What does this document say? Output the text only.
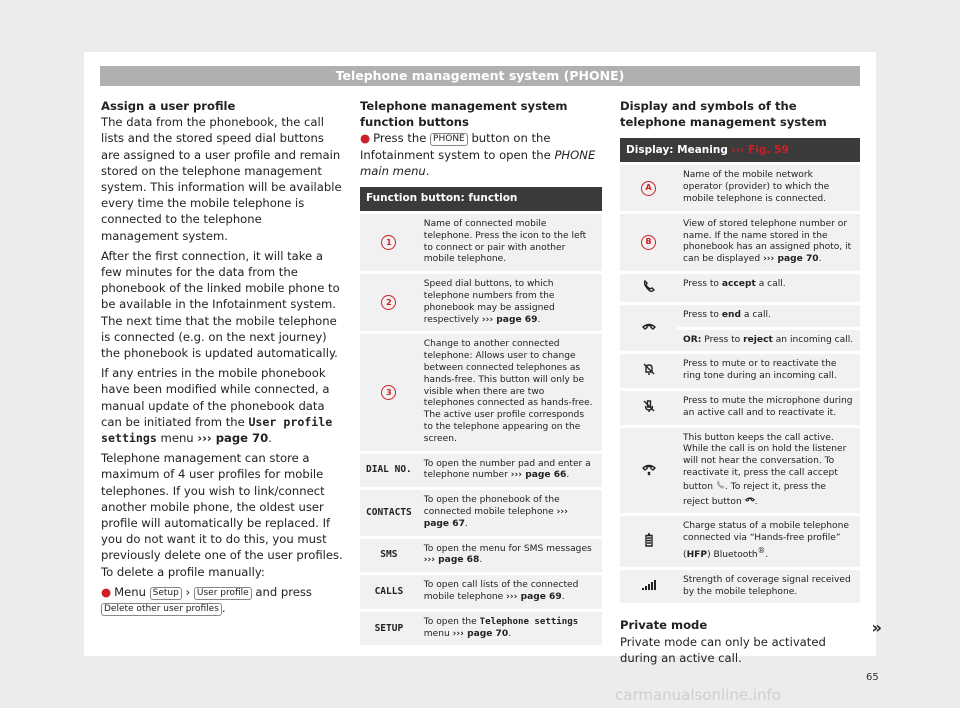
Telephone management system (PHONE)

Assign a user profile

The data from the phonebook, the call lists and the stored speed dial buttons are assigned to a user profile and remain stored on the telephone management system. This information will be available every time the mobile telephone is connected to the telephone management system.

After the first connection, it will take a few minutes for the data from the phonebook of the linked mobile phone to be available in the Infotainment system. The next time that the mobile telephone is connected (e.g. on the next journey) the phonebook is updated automatically.

If any entries in the mobile phonebook have been modified while connected, a manual update of the phonebook data can be initiated from the User profile settings menu ››› page 70.

Telephone management can store a maximum of 4 user profiles for mobile telephones. If you wish to link/connect another mobile phone, the oldest user profile will automatically be replaced. If you do not want it to do this, you must previously delete one of the user profiles. To delete a profile manually:

● Menu Setup › User profile and press Delete other user profiles .

Telephone management system function buttons

● Press the PHONE button on the Infotainment system to open the PHONE main menu.

Function button: function	
1	Name of connected mobile telephone. Press the icon to the left to connect or pair with another mobile telephone.
2	Speed dial buttons, to which telephone numbers from the phonebook may be assigned respectively ››› page 69.
3	Change to another connected telephone: Allows user to change between connected telephones as hands-free. This button will only be visible when there are two telephones connected as hands-free. The active user profile corresponds to the telephone appearing on the screen.
DIAL NO.	To open the number pad and enter a telephone number ››› page 66.
CONTACTS	To open the phonebook of the connected mobile telephone ››› page 67.
SMS	To open the menu for SMS messages ››› page 68.
CALLS	To open call lists of the connected mobile telephone ››› page 69.
SETUP	To open the Telephone settings menu ››› page 70.

Display and symbols of the telephone management system

Display: Meaning ››› Fig. 59	
A	Name of the mobile network operator (provider) to which the mobile telephone is connected.
B	View of stored telephone number or name. If the name stored in the phonebook has an assigned photo, it can be displayed ››› page 70.
	Press to accept a call.
	Press to end a call.
	OR: Press to reject an incoming call.
	Press to mute or to reactivate the ring tone during an incoming call.
	Press to mute the microphone during an active call and to reactivate it.
	This button keeps the call active. While the call is on hold the listener will not hear the conversation. To reactivate it, press the call accept button . To reject it, press the reject button .
	Charge status of a mobile telephone connected via “Hands-free profile” (HFP) Bluetooth®.
	Strength of coverage signal received by the mobile telephone.

Private mode

Private mode can only be activated during an active call.

»
65
carmanualsonline.info
